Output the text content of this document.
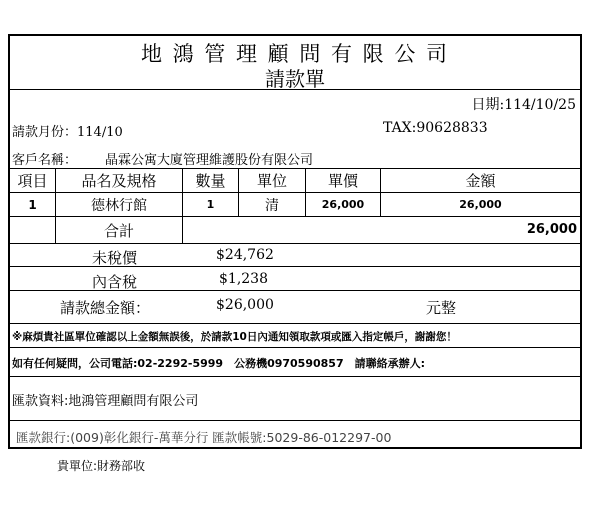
地 鴻 管 理 顧 問 有 限 公 司
請款單
日期:114/10/25
請款月份：114/10	TAX:90628833
客戶名稱： 晶霖公寓大廈管理維護股份有限公司
項目	品名及規格	數量	單位	單價	金額
1	德林行館	1	清	26,000	26,000
合計	26,000
未稅價	$24,762
內含稅	$1,238
請款總金額：	$26,000	元整
※麻煩貴社區單位確認以上金額無誤後，於請款10日內通知領取款項或匯入指定帳戶，謝謝您！
如有任何疑問，公司電話:02-2292-5999　公務機0970590857　請聯絡承辦人:
匯款資料:地鴻管理顧問有限公司
匯款銀行:(009)彰化銀行-萬華分行 匯款帳號:5029-86-012297-00
貴單位:財務部收
